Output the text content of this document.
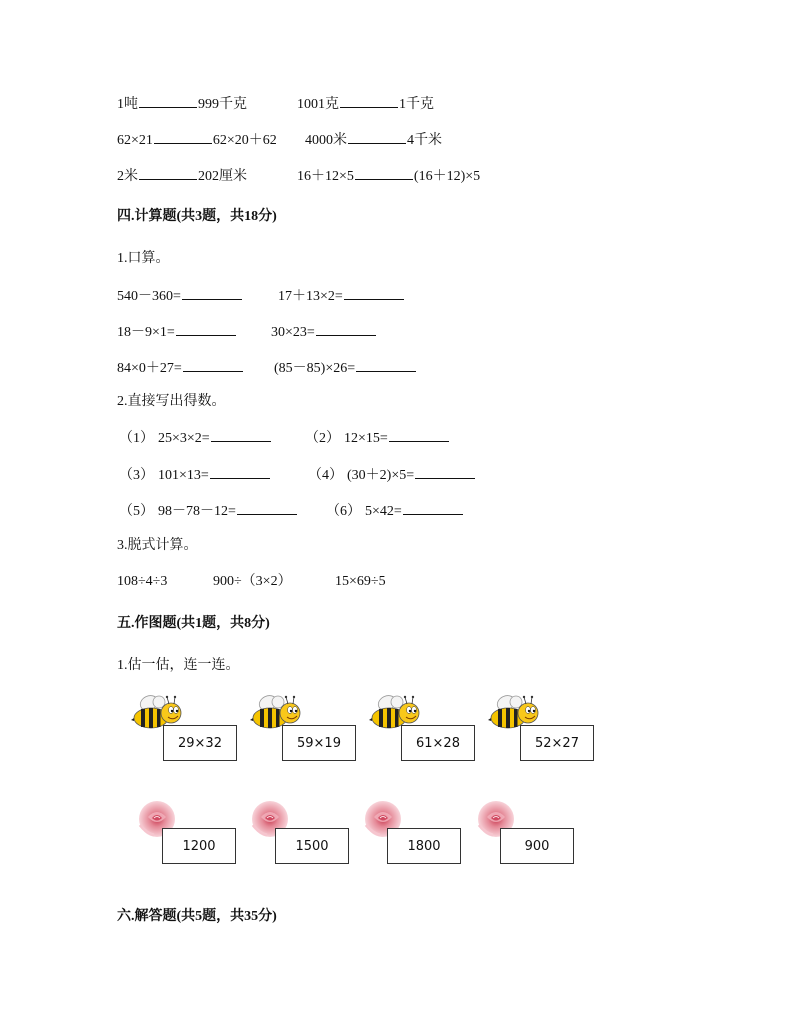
1吨	999千克	1001克	1千克
62×21	62×20＋62 4000米	4千米
2米	202厘米	16＋12×5	(16＋12)×5
四.计算题(共3题，共18分)
1.口算。
540－360=	17＋13×2=
18－9×1=	30×23=
84×0＋27=	(85－85)×26=
2.直接写出得数。
（1） 25×3×2=	（2） 12×15=
（3） 101×13=	（4） (30＋2)×5=
（5） 98－78－12=	（6） 5×42=
3.脱式计算。
108÷4÷3	900÷（3×2）	15×69÷5
五.作图题(共1题，共8分)
1.估一估，连一连。
29×32	59×19	61×28	52×27
1200	1500	1800	900
六.解答题(共5题，共35分)
